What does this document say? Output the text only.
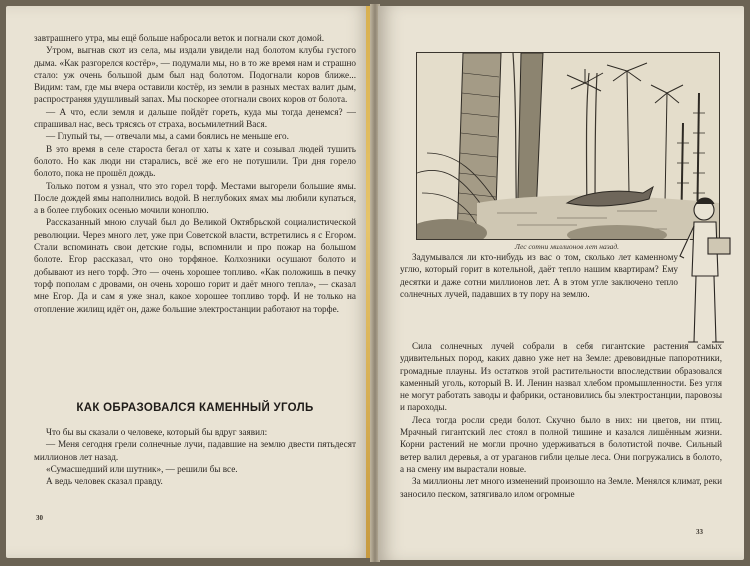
завтрашнего утра, мы ещё больше набросали веток и погнали скот домой.

Утром, выгнав скот из села, мы издали увидели над болотом клубы густого дыма. «Как разгорелся костёр», — подумали мы, но в то же время нам и страшно стало: уж очень большой дым был над болотом. Подогнали коров ближе... Видим: там, где мы вчера оставили костёр, из земли в разных местах валит дым, распространяя удушливый запах. Мы поскорее отогнали своих коров от болота.

— А что, если земля и дальше пойдёт гореть, куда мы тогда денемся? — спрашивал нас, весь трясясь от страха, восьмилетний Вася.

— Глупый ты, — отвечали мы, а сами боялись не меньше его.

В это время в селе староста бегал от хаты к хате и созывал людей тушить болото. Но как люди ни старались, всё же его не потушили. Три дня горело болото, пока не прошёл дождь.

Только потом я узнал, что это горел торф. Местами выгорели большие ямы. После дождей ямы наполнились водой. В неглубоких ямах мы любили купаться, а в более глубоких осенью мочили коноплю.

Рассказанный мною случай был до Великой Октябрьской социалистической революции. Через много лет, уже при Советской власти, встретились я с Егором. Стали вспоминать свои детские годы, вспомнили и про пожар на большом болоте. Егор рассказал, что оно торфяное. Колхозники осушают болото и добывают из него торф. Это — очень хорошее топливо. «Как положишь в печку торф пополам с дровами, он очень хорошо горит и даёт много тепла», — сказал мне Егор. Да и сам я уже знал, какое хорошее топливо торф. И не только на отопление жилищ идёт он, даже большие электростанции работают на торфе.

КАК ОБРАЗОВАЛСЯ КАМЕННЫЙ УГОЛЬ

Что бы вы сказали о человеке, который бы вдруг заявил:

— Меня сегодня грели солнечные лучи, падавшие на землю двести пятьдесят миллионов лет назад.

«Сумасшедший или шутник», — решили бы все.

А ведь человек сказал правду.

30
Лес сотни миллионов лет назад.

Задумывался ли кто-нибудь из вас о том, сколько лет каменному углю, который горит в котельной, даёт тепло нашим квартирам? Ему десятки и даже сотни миллионов лет. А в этом угле заключено тепло солнечных лучей, падавших в ту пору на землю.

Сила солнечных лучей собрали в себя гигантские растения самых удивительных пород, каких давно уже нет на Земле: древовидные папоротники, громадные плауны. Из остатков этой растительности впоследствии образовался каменный уголь, который В. И. Ленин назвал хлебом промышленности. Без угля не могут работать заводы и фабрики, остановились бы электростанции, паровозы и пароходы.

Леса тогда росли среди болот. Скучно было в них: ни цветов, ни птиц. Мрачный гигантский лес стоял в полной тишине и казался лишённым жизни. Корни растений не могли прочно удерживаться в болотистой почве. Сильный ветер валил деревья, а от ураганов гибли целые леса. Они погружались в болото, а на смену им вырастали новые.

За миллионы лет много изменений произошло на Земле. Менялся климат, реки заносило песком, затягивало илом огромные

33
